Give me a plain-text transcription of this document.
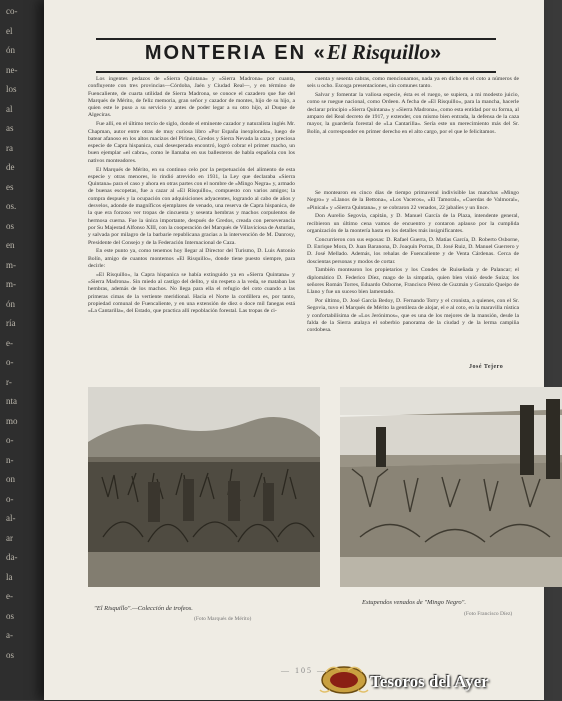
co-
el
ón
ne-
los
al
as
ra
de
es
os.
os
en
m-
m-
ón
ría
e-
o-
r-
nta
mo
o-
n-
on
o-
al-
ar
da-
la
e-
os
a-
os
MONTERIA EN «El Risquillo»

Los ingentes pedazos de «Sierra Quintana» y «Sierra Madrona» por cuanta, confluyente con tres provincias—Córdoba, Jaén y Ciudad Real—, y en término de Fuencaliente, de cuarta utilidad de Sierra Madrona, se conoce el cazadero que fue del Marqués de Mérito, de feliz memoria, gran señor y cazador de montes, hijo de su hijo, a quien este le puso a su servicio y antes de poder legar a su otro hijo, al Duque de Algeciras.

Fue allí, en el último tercio de siglo, donde el eminente cazador y naturalista inglés Mr. Chapman, autor entre otras de muy curiosa libro «Por España inexplorada», luego de batear afanoso en los altos macizos del Pirineo, Gredos y Sierra Nevada la caza y preciosa especie de Capra hispanica, cual desesperada encontró, logró cobrar el primer macho, un buen ejemplar «el cabra», como le llamaba en sus ballesteros de habla española con los nativos monteadores.

El Marqués de Mérito, en su continuo celo por la perpetuación del alimento de esta especie y otras menores, lo rindió atrevido en 1931, la Ley que declaraba «Sierra Quintana» para el caso y ahora en otras partes con el nombre de «Mingo Negra» y, armado de buenas escopetas, fue a cazar al «El Risquillo», compuesto con varios amigos; la compra después y la ocupación con adquisiciones adyacentes, logrando al cabo de años y desvelos, adonde de magníficos ejemplares de venado, una reserva de Capra hispanica, de la que era forzoso ver tropas de cincuenta y sesenta hembras y machos corpulentos de hermosa cuerna. Fue la única importante, después de Gredos, creada con perseverancia por Su Majestad Alfonso XIII, con la cooperación del Marqués de Villaviciosa de Asturias, y salvada por milagro de la barbarie republicana gracias a la intervención de M. Danrosy, Presidente del Consejo y de la Federación Internacional de Caza.

En este punto ya, como tenemos hoy llegar al Director del Turismo, D. Luis Antonio Bolín, amigo de cuantos montemos «El Risquillo», donde tiene puesto siempre, para decirle:

«El Risquillo», la Capra hispanica se había extinguido ya en «Sierra Quintana» y «Sierra Madrona». Sin miedo al castigo del delito, y sin respeto a la veda, se mataban las hembras, además de los machos. No llega para ella el refugio del coto cuando a las primeras cimas de la vertiente meridional. Hacia el Norte la cordillera es, por tanto, propiedad comunal de Fuencaliente, y en una extensión de diez o doce mil fanegas está «La Cantarilla», del Estado, que practica allí repoblación forestal. Las tropas de ci-

cuenta y sesenta cabras, como mencionamos, nada ya en dicho en el coto a números de seis u ocho. Escoga presentaciones, sin comunes tanto.

Salvar y fomentar la valiosa especie, ésta es el ruego, se supiera, a mi modesto juicio, como se ruegue nacional, como Ordeen. A fecha de «El Risquillo», para la mancha, hacerle declarar principio «Sierra Quintana» y «Sierra Madrona», como esta entidad por su forma, al amparo del Real decreto de 1917, y extender, con mismo bien entrada, la defensa de la caza mayor, la guardería forestal de «La Cantarilla». Sería este un merecimiento más del Sr. Bolín, al corresponder en primer derecho en el alto cargo, por el que le felicitamos.

Se montearon en cinco días de tiempo primaveral indivisible las manchas «Mingo Negro» y «Llanos de la Bettona», «Los Vaceros», «El Tamoral», «Cuerdas de Valmoral», «Pinical» y «Sierra Quintana», y se cobraron 22 venados, 22 jabalíes y un lince.

Don Aurelio Segovia, capitán, y D. Manuel García de la Plaza, intendente general, recibieron un último cena vamos de encuentro y contaron aplauso por la cumplida organización de la montería hasta en los detalles más insignificantes.

Concurrieron con sus esposas: D. Rafael Guerra, D. Matías García, D. Roberto Osborne, D. Enrique Mora, D. Juan Baranona, D. Joaquín Porras, D. José Ruiz, D. Manuel Guerrero y D. José Mellado. Además, los rehalas de Fuencaliente y de Venta Cárdenas. Cerca de doscientas personas y modos de cortar.

También montearon los propietarios y los Condes de Ruiseñada y de Palancar; el diplomático D. Federico Díez, mago de la simpatía, quien bien vinió desde Suiza; los señores Román Torres, Eduardo Osborne, Francisco Pérez de Guzmán y Gonzalo Queipo de Llano y fue un suceso bien lamentado.

Por último, D. José García Bedoy, D. Fernando Torry y el cronista, a quienes, con el Sr. Segovia, tuvo el Marqués de Mérito la gentileza de alojar, el e al coto, en la maravilla rústica y confortabilísima de «Los Jerónimos», que es una de los mejores de la mansión, desde la falda de la Sierra atalaya el soberbio panorama de la ciudad y de la lerma campiña cordobesa.

José Tejero
"El Risquillo".—Colección de trofeos.
(Foto Marqués de Mérito)
Estupendos venados de "Mingo Negro".
(Foto Francisco Díez)
— 105 —
Tesoros del Ayer
